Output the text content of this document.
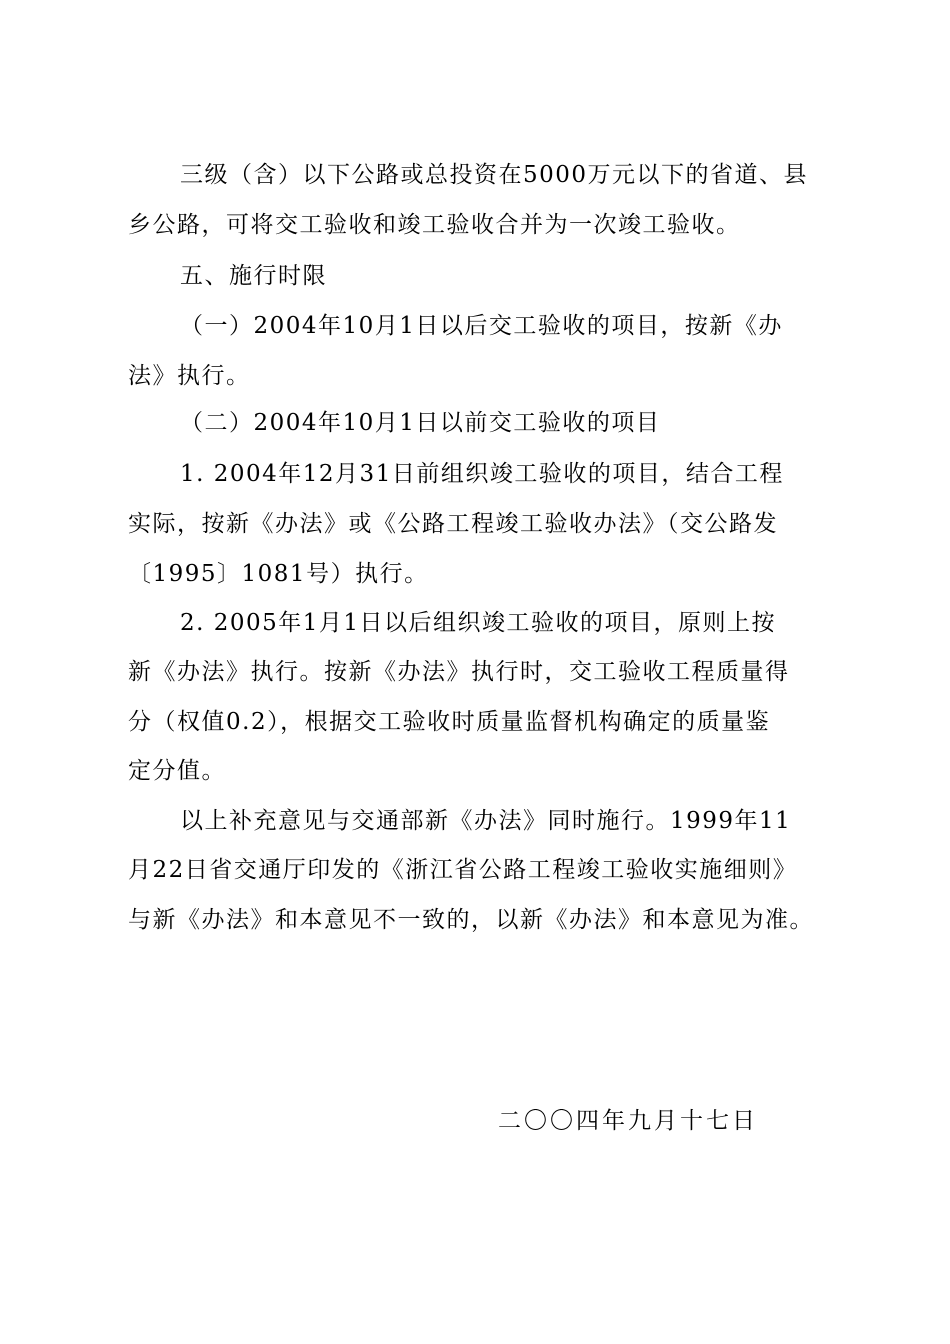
三级（含）以下公路或总投资在5000万元以下的省道、县
乡公路，可将交工验收和竣工验收合并为一次竣工验收。
五、施行时限
（一）2004年10月1日以后交工验收的项目，按新《办
法》执行。
（二）2004年10月1日以前交工验收的项目
1. 2004年12月31日前组织竣工验收的项目，结合工程
实际，按新《办法》或《公路工程竣工验收办法》（交公路发
〔1995〕1081号）执行。
2. 2005年1月1日以后组织竣工验收的项目，原则上按
新《办法》执行。按新《办法》执行时，交工验收工程质量得
分（权值0.2），根据交工验收时质量监督机构确定的质量鉴
定分值。
以上补充意见与交通部新《办法》同时施行。1999年11
月22日省交通厅印发的《浙江省公路工程竣工验收实施细则》
与新《办法》和本意见不一致的，以新《办法》和本意见为准。
二〇〇四年九月十七日
